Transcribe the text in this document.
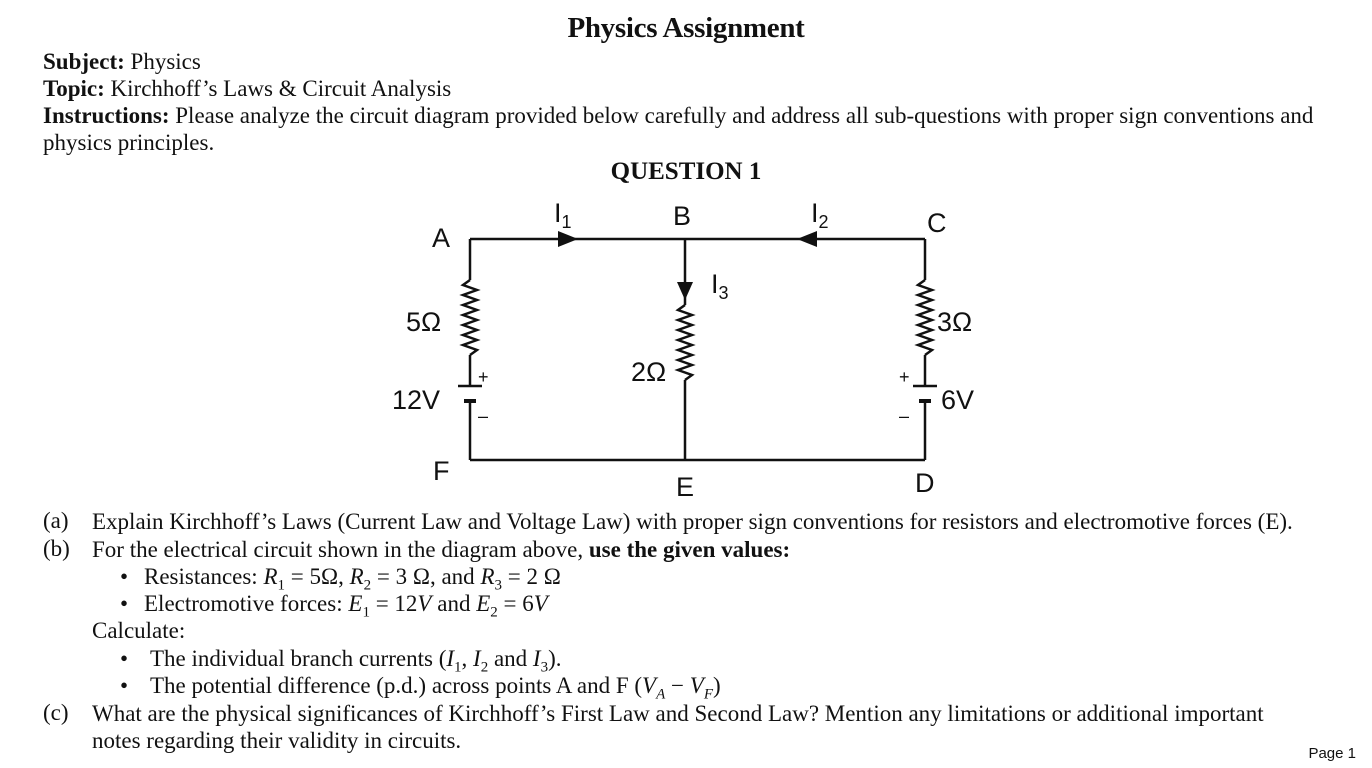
Physics Assignment
Subject: Physics
Topic: Kirchhoff’s Laws & Circuit Analysis
Instructions: Please analyze the circuit diagram provided below carefully and address all sub-questions with proper sign conventions and physics principles.
QUESTION 1
A
B	C
D
E
F
5Ω
2Ω
3Ω
12V	6V
$I_1$	$I_2$
$I_3$
+
–
+
–
(a) Explain Kirchhoff’s Laws (Current Law and Voltage Law) with proper sign conventions for resistors and electromotive forces (E).
(b) For the electrical circuit shown in the diagram above, use the given values:
• Resistances: $R_1 = 5\Omega$, $R_2 = 3$ Ω, and $R_3 = 2$ Ω
• Electromotive forces: $E_1 = 12V$ and $E_2 = 6V$
Calculate:
• The individual branch currents ($I_1$, $I_2$ and $I_3$).
• The potential difference (p.d.) across points A and F $(V_A - V_F)$
(c) What are the physical significances of Kirchhoff’s First Law and Second Law? Mention any limitations or additional important notes regarding their validity in circuits.
Page 1
